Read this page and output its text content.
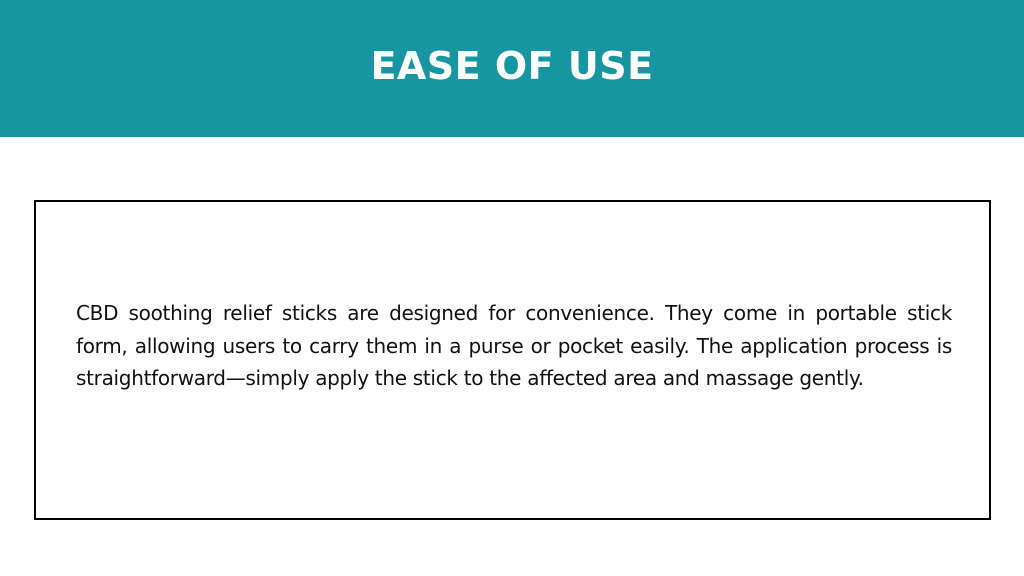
EASE OF USE

CBD soothing relief sticks are designed for convenience. They come in portable stick form, allowing users to carry them in a purse or pocket easily. The application process is straightforward—simply apply the stick to the affected area and massage gently.
